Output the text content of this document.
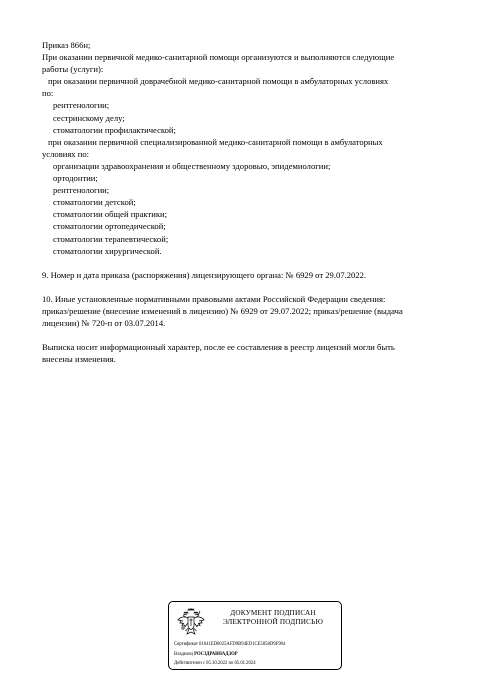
Приказ 866н;
При оказании первичной медико-санитарной помощи организуются и выполняются следующие
работы (услуги):
при оказании первичной доврачебной медико-санитарной помощи в амбулаторных условиях
по:
рентгенологии;
сестринскому делу;
стоматологии профилактической;
при оказании первичной специализированной медико-санитарной помощи в амбулаторных
условиях по:
организации здравоохранения и общественному здоровью, эпидемиологии;
ортодонтии;
рентгенологии;
стоматологии детской;
стоматологии общей практики;
стоматологии ортопедической;
стоматологии терапевтической;
стоматологии хирургической.
9. Номер и дата приказа (распоряжения) лицензирующего органа: № 6929 от 29.07.2022.
10. Иные установленные нормативными правовыми актами Российской Федерации сведения:
приказ/решение (внесение изменений в лицензию) № 6929 от 29.07.2022; приказ/решение (выдача
лицензии) № 720-п от 03.07.2014.
Выписка носит информационный характер, после ее составления в реестр лицензий могли быть
внесены изменения.
ДОКУМЕНТ ПОДПИСАН
ЭЛЕКТРОННОЙ ПОДПИСЬЮ
Сертификат 01641ED0025AFD9B94ED1CE5058D9F984
Владелец РОСЗДРАВНАДЗОР
Действителен с 05.10.2022 по 05.01.2024
